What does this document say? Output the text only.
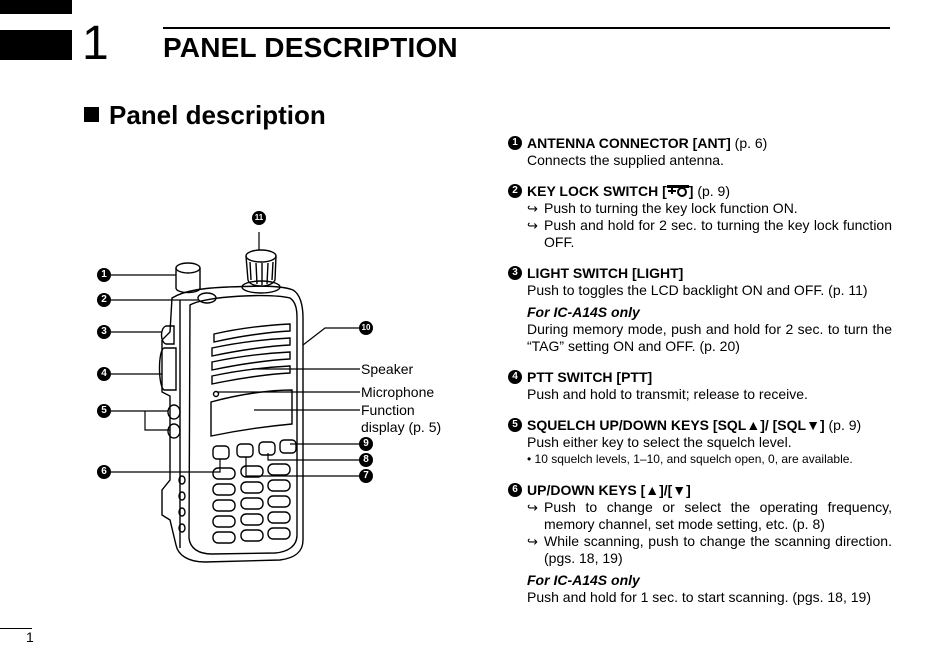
1 PANEL DESCRIPTION
Panel description
1
2
3
4
5
6	7
8
9
10
11
Speaker
Microphone
Function
display (p. 5)
1 ANTENNA CONNECTOR [ANT] (p. 6)
Connects the supplied antenna.
2 KEY LOCK SWITCH [ ] (p. 9)
↪ Push to turning the key lock function ON.
↪ Push and hold for 2 sec. to turning the key lock function OFF.
3 LIGHT SWITCH [LIGHT]
Push to toggles the LCD backlight ON and OFF. (p. 11)
For IC-A14S only
During memory mode, push and hold for 2 sec. to turn the “TAG” setting ON and OFF. (p. 20)
4 PTT SWITCH [PTT]
Push and hold to transmit; release to receive.
5 SQUELCH UP/DOWN KEYS [SQL▲]/ [SQL▼] (p. 9)
Push either key to select the squelch level.
• 10 squelch levels, 1–10, and squelch open, 0, are available.
6 UP/DOWN KEYS [▲]/[▼]
↪ Push to change or select the operating frequency, memory channel, set mode setting, etc. (p. 8)
↪ While scanning, push to change the scanning direction. (pgs. 18, 19)
For IC-A14S only
Push and hold for 1 sec. to start scanning. (pgs. 18, 19)
1
